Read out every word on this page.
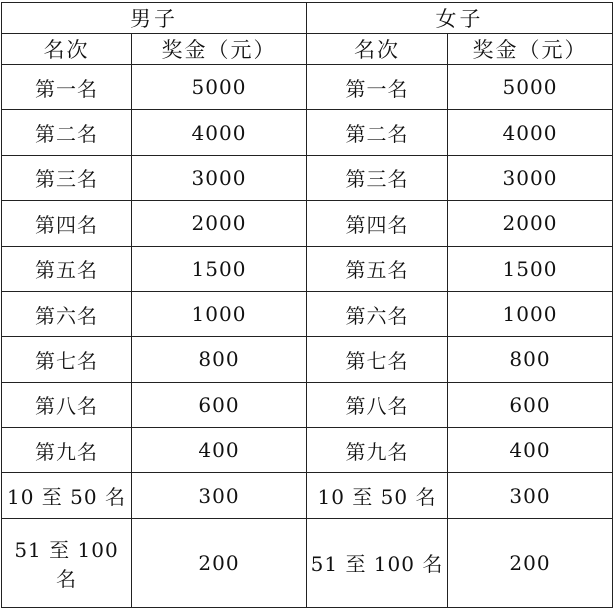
男子		女子	
名次	奖金（元）	名次	奖金（元）
第一名	5000	第一名	5000
第二名	4000	第二名	4000
第三名	3000	第三名	3000
第四名	2000	第四名	2000
第五名	1500	第五名	1500
第六名	1000	第六名	1000
第七名	800	第七名	800
第八名	600	第八名	600
第九名	400	第九名	400
10 至 50 名	300	10 至 50 名	300
51 至 100 名	200	51 至 100 名	200
